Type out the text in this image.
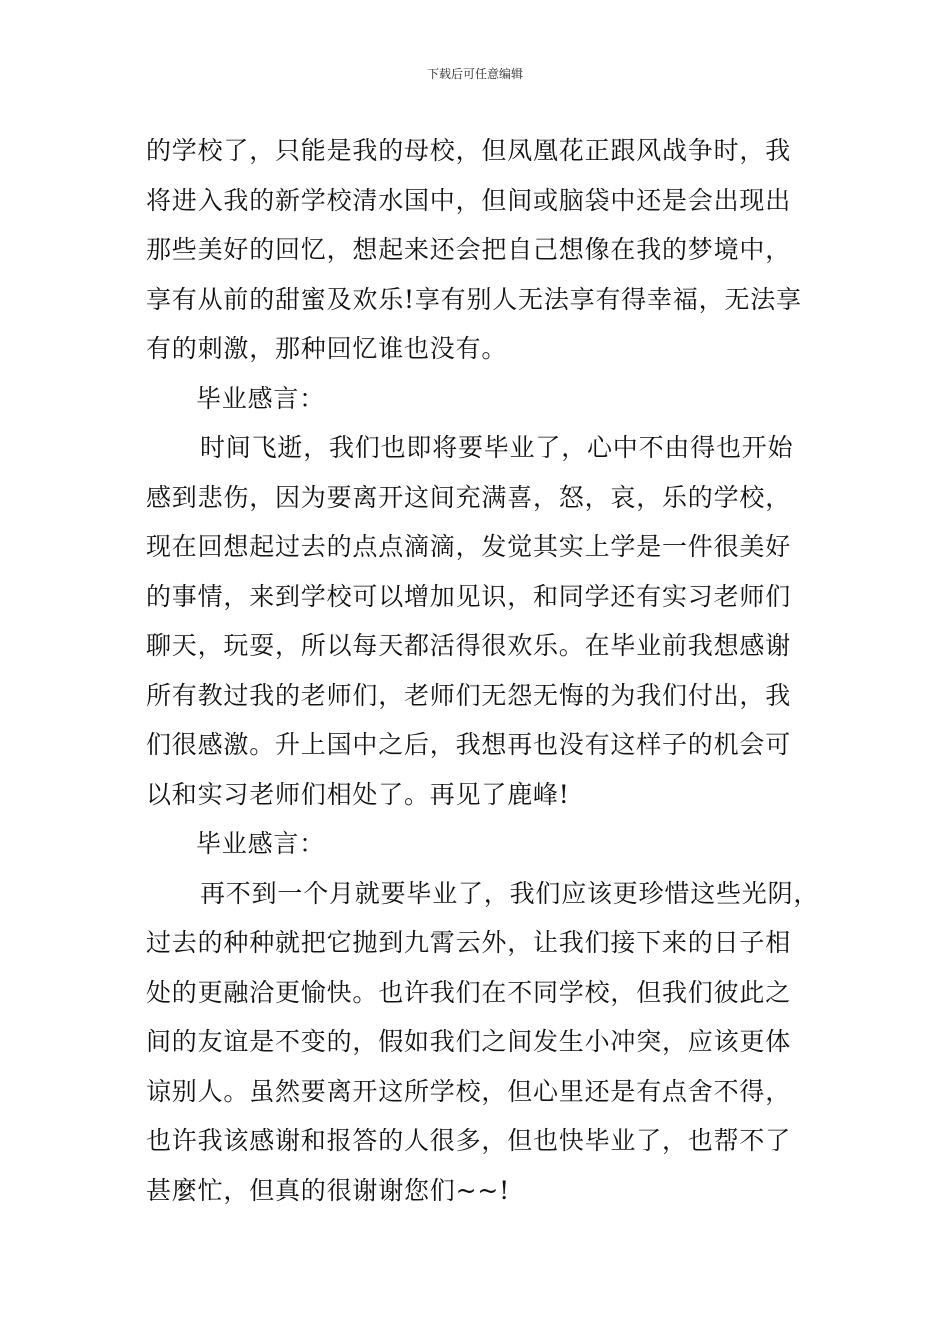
下载后可任意编辑
的学校了，只能是我的母校，但凤凰花正跟风战争时，我
将进入我的新学校清水国中，但间或脑袋中还是会出现出
那些美好的回忆，想起来还会把自己想像在我的梦境中，
享有从前的甜蜜及欢乐!享有别人无法享有得幸福，无法享
有的刺激，那种回忆谁也没有。
毕业感言：
时间飞逝，我们也即将要毕业了，心中不由得也开始
感到悲伤，因为要离开这间充满喜，怒，哀，乐的学校，
现在回想起过去的点点滴滴，发觉其实上学是一件很美好
的事情，来到学校可以增加见识，和同学还有实习老师们
聊天，玩耍，所以每天都活得很欢乐。在毕业前我想感谢
所有教过我的老师们，老师们无怨无悔的为我们付出，我
们很感激。升上国中之后，我想再也没有这样子的机会可
以和实习老师们相处了。再见了鹿峰!
毕业感言：
再不到一个月就要毕业了，我们应该更珍惜这些光阴，
过去的种种就把它抛到九霄云外，让我们接下来的日子相
处的更融洽更愉快。也许我们在不同学校，但我们彼此之
间的友谊是不变的，假如我们之间发生小冲突，应该更体
谅别人。虽然要离开这所学校，但心里还是有点舍不得，
也许我该感谢和报答的人很多，但也快毕业了，也帮不了
甚麼忙，但真的很谢谢您们~~!
